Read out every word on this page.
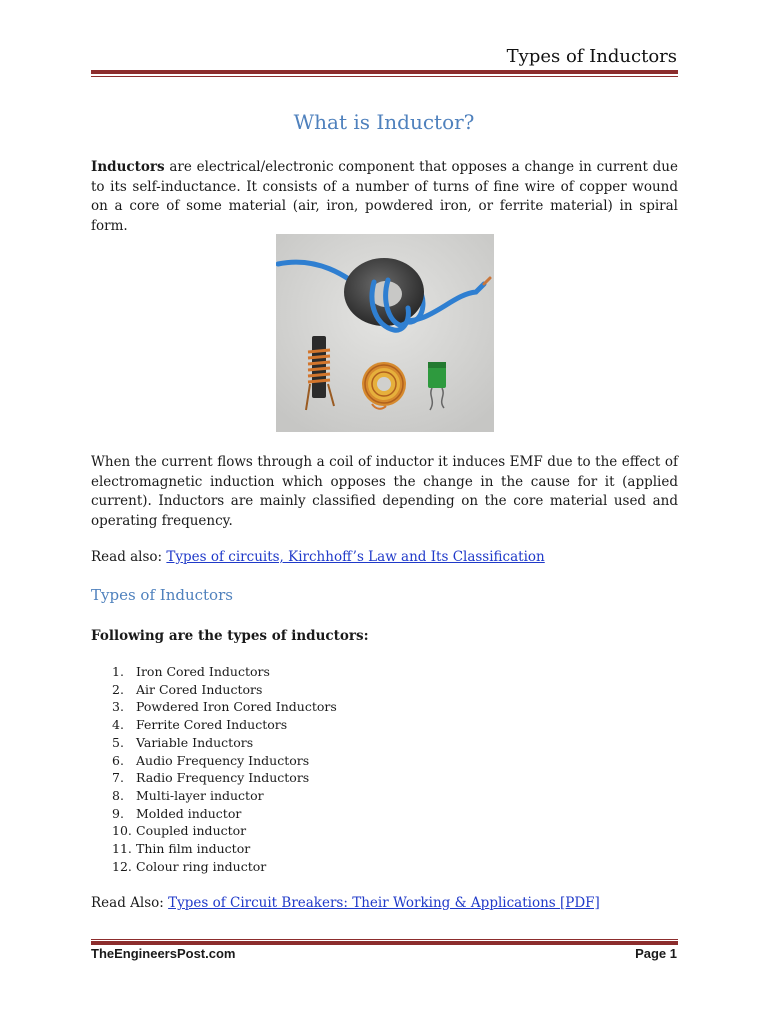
Types of Inductors
What is Inductor?

Inductors are electrical/electronic component that opposes a change in current due to its self-inductance. It consists of a number of turns of fine wire of copper wound on a core of some material (air, iron, powdered iron, or ferrite material) in spiral form.

When the current flows through a coil of inductor it induces EMF due to the effect of electromagnetic induction which opposes the change in the cause for it (applied current). Inductors are mainly classified depending on the core material used and operating frequency.

Read also: Types of circuits, Kirchhoff’s Law and Its Classification
Types of Inductors
Following are the types of inductors:
1. Iron Cored Inductors
2. Air Cored Inductors
3. Powdered Iron Cored Inductors
4. Ferrite Cored Inductors
5. Variable Inductors
6. Audio Frequency Inductors
7. Radio Frequency Inductors
8. Multi-layer inductor
9. Molded inductor
10. Coupled inductor
11. Thin film inductor
12. Colour ring inductor
Read Also: Types of Circuit Breakers: Their Working & Applications [PDF]
TheEngineersPost.com	Page 1
